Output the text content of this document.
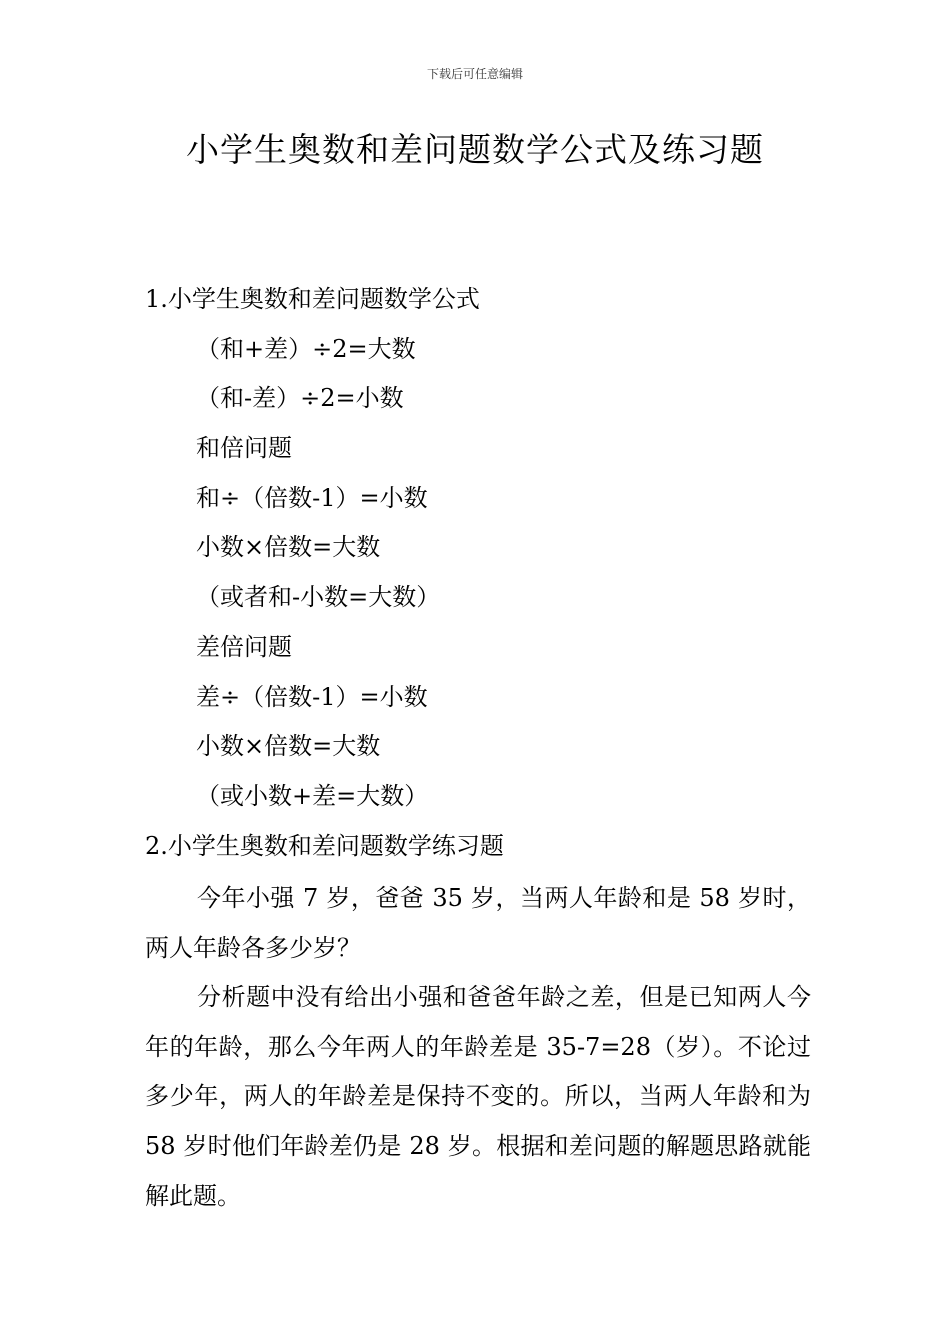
下载后可任意编辑
小学生奥数和差问题数学公式及练习题
1.小学生奥数和差问题数学公式
（和+差）÷2=大数
（和-差）÷2=小数
和倍问题
和÷（倍数-1）=小数
小数×倍数=大数
（或者和-小数=大数）
差倍问题
差÷（倍数-1）=小数
小数×倍数=大数
（或小数+差=大数）
2.小学生奥数和差问题数学练习题
今年小强 7 岁，爸爸 35 岁，当两人年龄和是 58 岁时，两人年龄各多少岁？
分析题中没有给出小强和爸爸年龄之差，但是已知两人今年的年龄，那么今年两人的年龄差是 35-7=28（岁）。不论过多少年，两人的年龄差是保持不变的。所以，当两人年龄和为 58 岁时他们年龄差仍是 28 岁。根据和差问题的解题思路就能解此题。
